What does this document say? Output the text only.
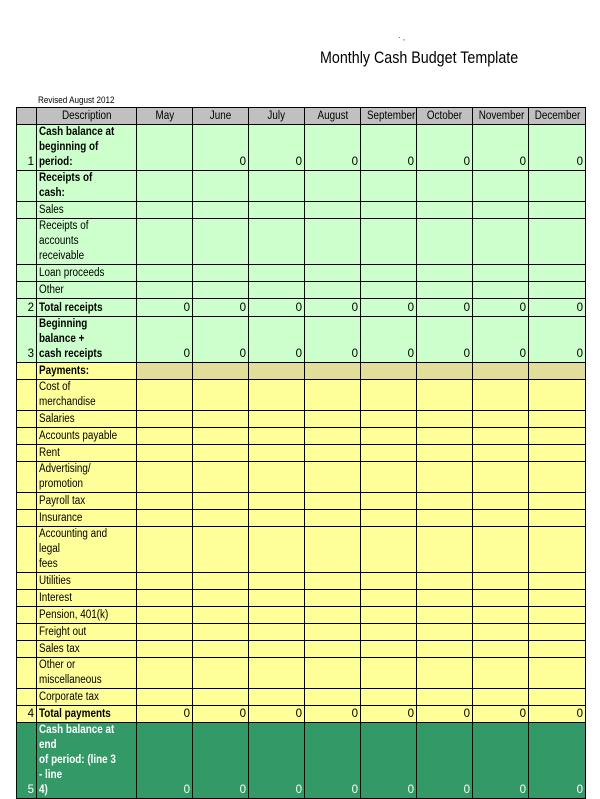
· ,
Monthly Cash Budget Template
Revised August 2012
	Description	May	June	July	August	September	October	November	December
1	Cash balance at
beginning of period:		0	0	0	0	0	0	0
	Receipts of cash:								
	Sales								
	Receipts of accounts
receivable								
	Loan proceeds								
	Other								
2	Total receipts	0	0	0	0	0	0	0	0
3	Beginning balance +
cash receipts	0	0	0	0	0	0	0	0
	Payments:								
	Cost of merchandise								
	Salaries								
	Accounts payable								
	Rent								
	Advertising/ promotion								
	Payroll tax								
	Insurance								
	Accounting and legal
fees								
	Utilities								
	Interest								
	Pension, 401(k)								
	Freight out								
	Sales tax								
	Other or miscellaneous								
	Corporate tax								
4	Total payments	0	0	0	0	0	0	0	0
5	Cash balance at end
of period: (line 3 - line
4)	0	0	0	0	0	0	0	0
